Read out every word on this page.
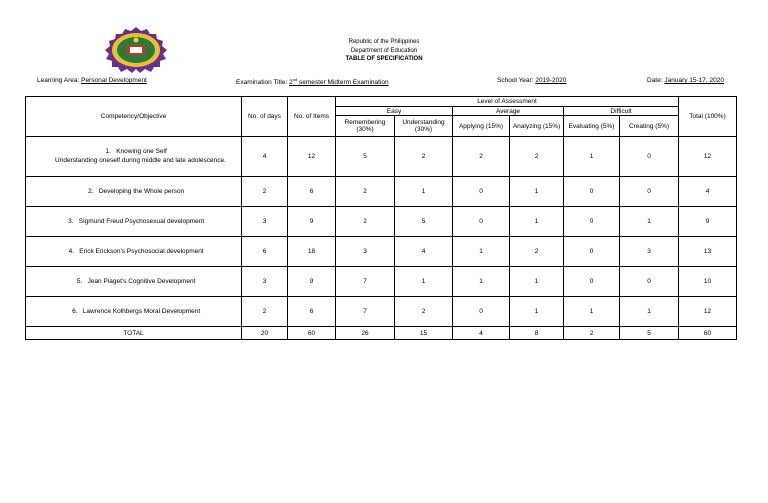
Republic of the Philippines
Department of Education
TABLE OF SPECIFICATION
Learning Area: Personal Development	Examination Title: 2nd semester Midterm Examination	School Year: 2019-2020	Date: January 15-17, 2020
Competency/Objective	No. of days	No. of Items	Level of Assessment						Total (100%)
			Easy		Average		Difficult		
			Remembering (30%)	Understanding (30%)	Applying (15%)	Analyzing (15%)	Evaluating (5%)	Creating (5%)	
1. Knowing one Self
Understanding oneself during middle and late adolescence.	4	12	5	2	2	2	1	0	12
2. Developing the Whole person	2	6	2	1	0	1	0	0	4
3. Sigmund Freud Psychosexual development	3	9	2	5	0	1	0	1	9
4. Erick Erickson's Psychosocial development	6	18	3	4	1	2	0	3	13
5. Jean Piaget's Cognitive Development	3	9	7	1	1	1	0	0	10
6. Lawrence Kolhbergs Moral Development	2	6	7	2	0	1	1	1	12
TOTAL	20	60	26	15	4	8	2	5	60
